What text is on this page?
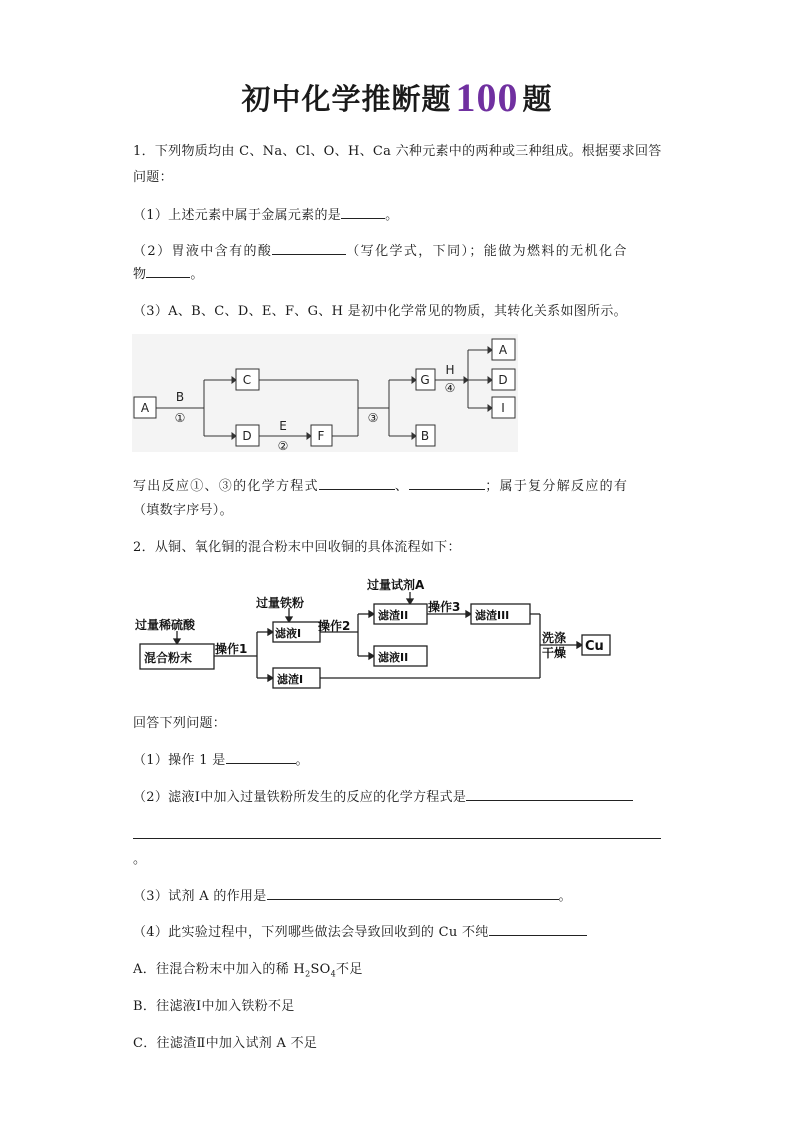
初中化学推断题 100 题
1．下列物质均由 C、Na、Cl、O、H、Ca 六种元素中的两种或三种组成。根据要求回答
问题：
（1）上述元素中属于金属元素的是	。
（2）胃液中含有的酸	（写化学式，下同）；能做为燃料的无机化合
物	。
（3）A、B、C、D、E、F、G、H 是初中化学常见的物质，其转化关系如图所示。
A
B
①
C
D
E
②
F
③
G
B
H
④
A
D
I
写出反应①、③的化学方程式	、	；属于复分解反应的有
（填数字序号）。
2．从铜、氧化铜的混合粉末中回收铜的具体流程如下：
过量稀硫酸
混合粉末
操作1
过量铁粉
滤液I
操作2
过量试剂A
滤渣II
操作3
滤渣III
洗涤
干燥 Cu
滤液II
滤渣I
回答下列问题：
（1）操作 1 是	。
（2）滤液Ⅰ中加入过量铁粉所发生的反应的化学方程式是
。
（3）试剂 A 的作用是	。
（4）此实验过程中，下列哪些做法会导致回收到的 Cu 不纯
A．往混合粉末中加入的稀 $H_2SO_4$不足
B．往滤液Ⅰ中加入铁粉不足
C．往滤渣Ⅱ中加入试剂 A 不足
